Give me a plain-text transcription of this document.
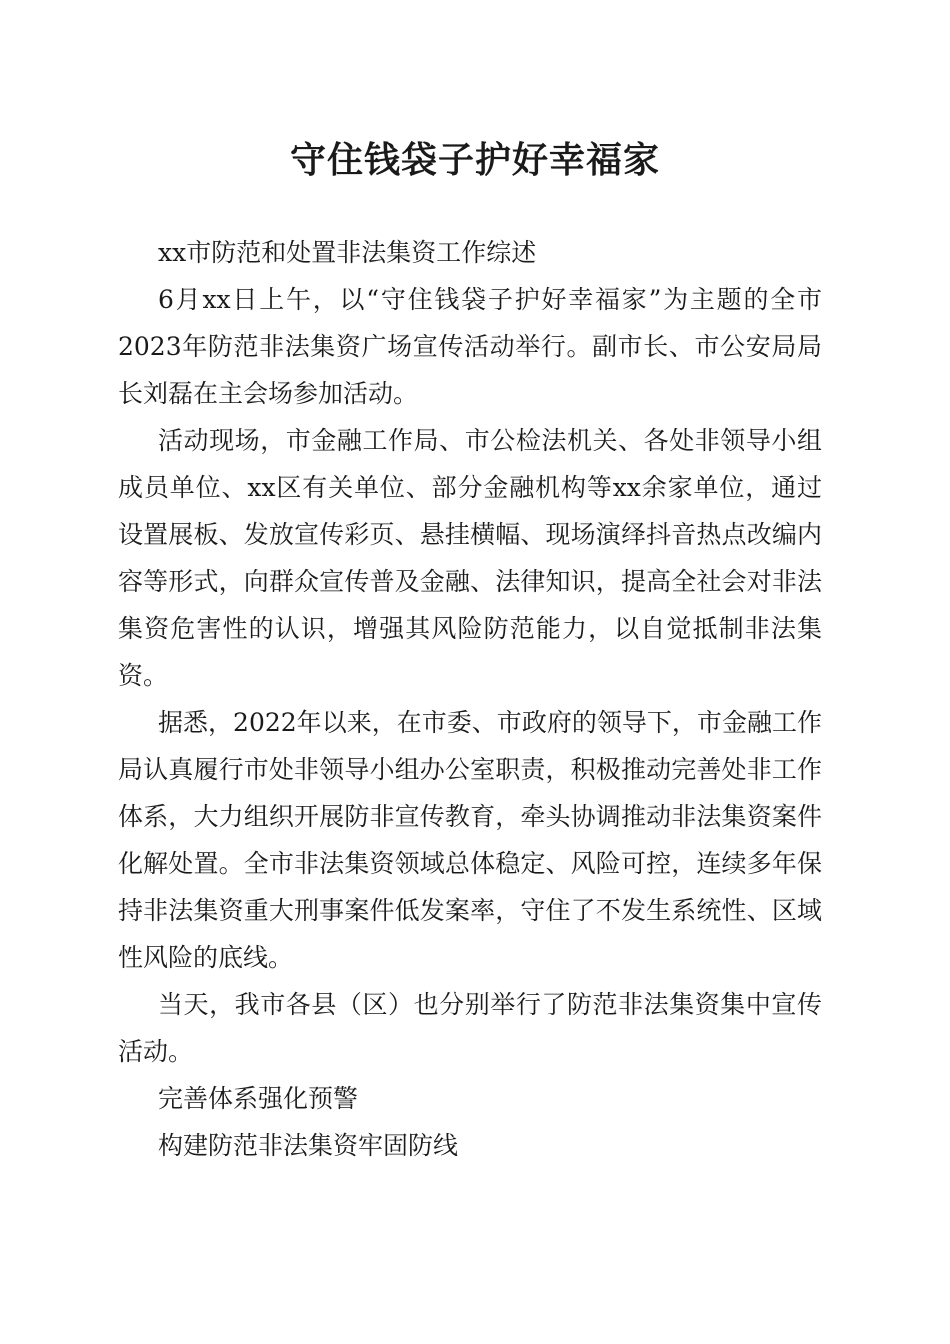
守住钱袋子护好幸福家

xx市防范和处置非法集资工作综述

6月xx日上午，以“守住钱袋子护好幸福家”为主题的全市2023年防范非法集资广场宣传活动举行。副市长、市公安局局长刘磊在主会场参加活动。

活动现场，市金融工作局、市公检法机关、各处非领导小组成员单位、xx区有关单位、部分金融机构等xx余家单位，通过设置展板、发放宣传彩页、悬挂横幅、现场演绎抖音热点改编内容等形式，向群众宣传普及金融、法律知识，提高全社会对非法集资危害性的认识，增强其风险防范能力，以自觉抵制非法集资。

据悉，2022年以来，在市委、市政府的领导下，市金融工作局认真履行市处非领导小组办公室职责，积极推动完善处非工作体系，大力组织开展防非宣传教育，牵头协调推动非法集资案件化解处置。全市非法集资领域总体稳定、风险可控，连续多年保持非法集资重大刑事案件低发案率，守住了不发生系统性、区域性风险的底线。

当天，我市各县（区）也分别举行了防范非法集资集中宣传活动。

完善体系强化预警

构建防范非法集资牢固防线
